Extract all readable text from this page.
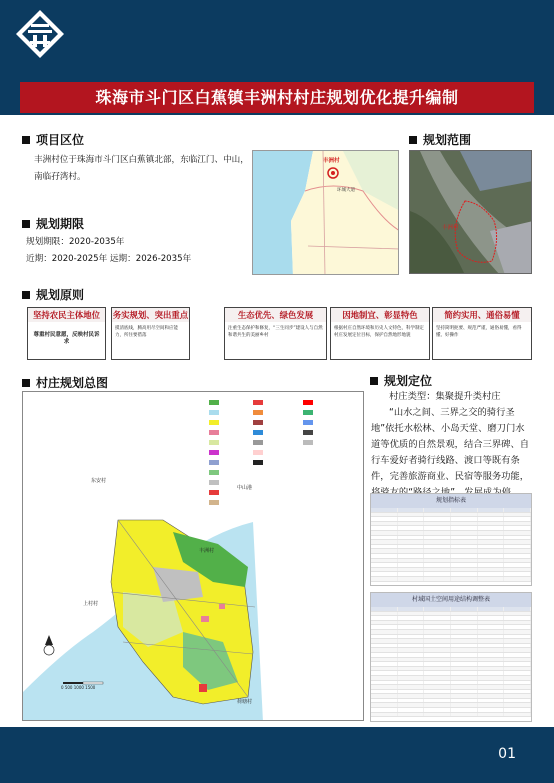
珠海市斗门区白蕉镇丰洲村村庄规划优化提升编制
项目区位
丰洲村位于珠海市斗门区白蕉镇北部，东临江门、中山，南临孖湾村。
规划期限
规划期限：2020-2035年
近期：2020-2025年 远期：2026-2035年
丰洲村
环城大道
规划范围
丰洲村
规划原则
坚持农民主体地位
尊重村民意愿，反映村民诉求
务实规划、突出重点
摸清底线，腾高用尽空间和应能力，所住要措落
生态优先、绿色发展
注重生态保护和修复，“三生同步”建设人与自然和谐共生的美丽乡村
因地制宜、彰显特色
根据村庄自然环境和历史人文特色，科学制定村庄发展定位目标，保护自然地形地貌
简约实用、通俗易懂
坚持简明扼要、规范严谨，通俗易懂，看得懂、好操作
村庄规划总图
东安村
丰洲村
中山港
上村村
荷塘村
0 500 1000 1500
规划定位
村庄类型：集聚提升类村庄
“山水之间、三界之交的骑行圣地”依托水松林、小岛天堂、磨刀门水道等优质的自然景观，结合三界碑、自行车爱好者骑行线路、渡口等既有条件，完善旅游商业、民宿等服务功能，
规划指标表
村域国土空间用途结构调整表
01
